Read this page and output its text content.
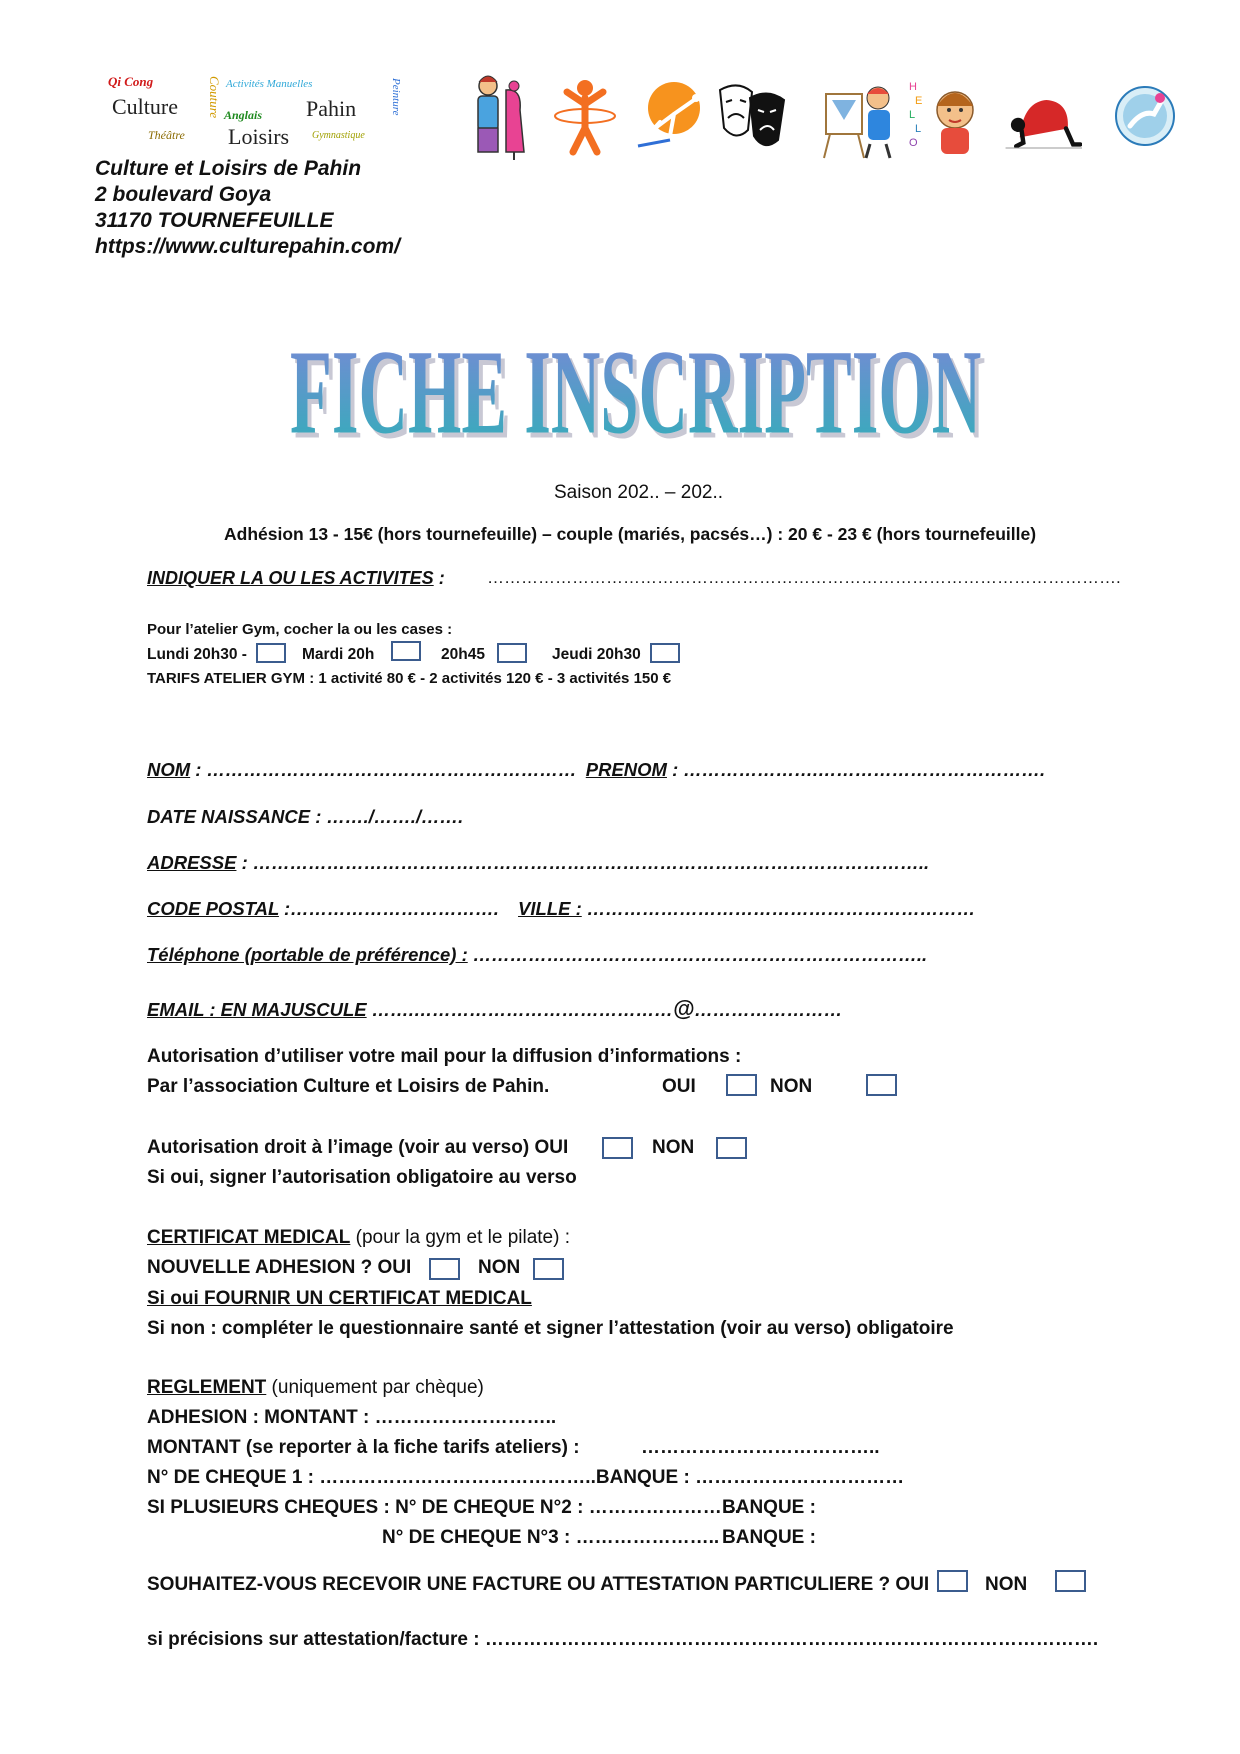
Qi Cong
Culture Couture Activités Manuelles
Anglais Pahin	Peinture
Théâtre Loisirs Gymnastique
Culture et Loisirs de Pahin
2 boulevard Goya
31170 TOURNEFEUILLE
https://www.culturepahin.com/
H
E
L
L
O
FICHE INSCRIPTION
FICHE INSCRIPTION
Saison 202.. – 202..
Adhésion 13 - 15€ (hors tournefeuille) – couple (mariés, pacsés…) : 20 € - 23 € (hors tournefeuille)
INDIQUER LA OU LES ACTIVITES : ………………………………………………………………………………………………….
Pour l’atelier Gym, cocher la ou les cases :
Lundi 20h30 -	Mardi 20h	20h45	Jeudi 20h30
TARIFS ATELIER GYM : 1 activité 80 € - 2 activités 120 € - 3 activités 150 €
NOM : …………………………………………………… PRENOM : ………………….……………………………….
DATE NAISSANCE : ……./……./…….
ADRESSE : ………………………………………………………………………………………………..
CODE POSTAL :……………………………. VILLE : ………………………………………………………
Téléphone (portable de préférence) : ………………………………………………………………..
EMAIL : EN MAJUSCULE …….……………………………………@……………………
Autorisation d’utiliser votre mail pour la diffusion d’informations :
Par l’association Culture et Loisirs de Pahin.	OUI	NON
Autorisation droit à l’image (voir au verso) OUI	NON
Si oui, signer l’autorisation obligatoire au verso
CERTIFICAT MEDICAL (pour la gym et le pilate) :
NOUVELLE ADHESION ? OUI	NON
Si oui FOURNIR UN CERTIFICAT MEDICAL
Si non : compléter le questionnaire santé et signer l’attestation (voir au verso) obligatoire
REGLEMENT (uniquement par chèque)
ADHESION : MONTANT : ………………………..
MONTANT (se reporter à la fiche tarifs ateliers) :	………………………………..
N° DE CHEQUE 1 : ……………………………………..BANQUE : ……………………………
SI PLUSIEURS CHEQUES : N° DE CHEQUE N°2 : ……………………
BANQUE :
N° DE CHEQUE N°3 : ………………….. BANQUE :
SOUHAITEZ-VOUS RECEVOIR UNE FACTURE OU ATTESTATION PARTICULIERE ? OUI	NON
si précisions sur attestation/facture : …………………………………………………………………………………….
